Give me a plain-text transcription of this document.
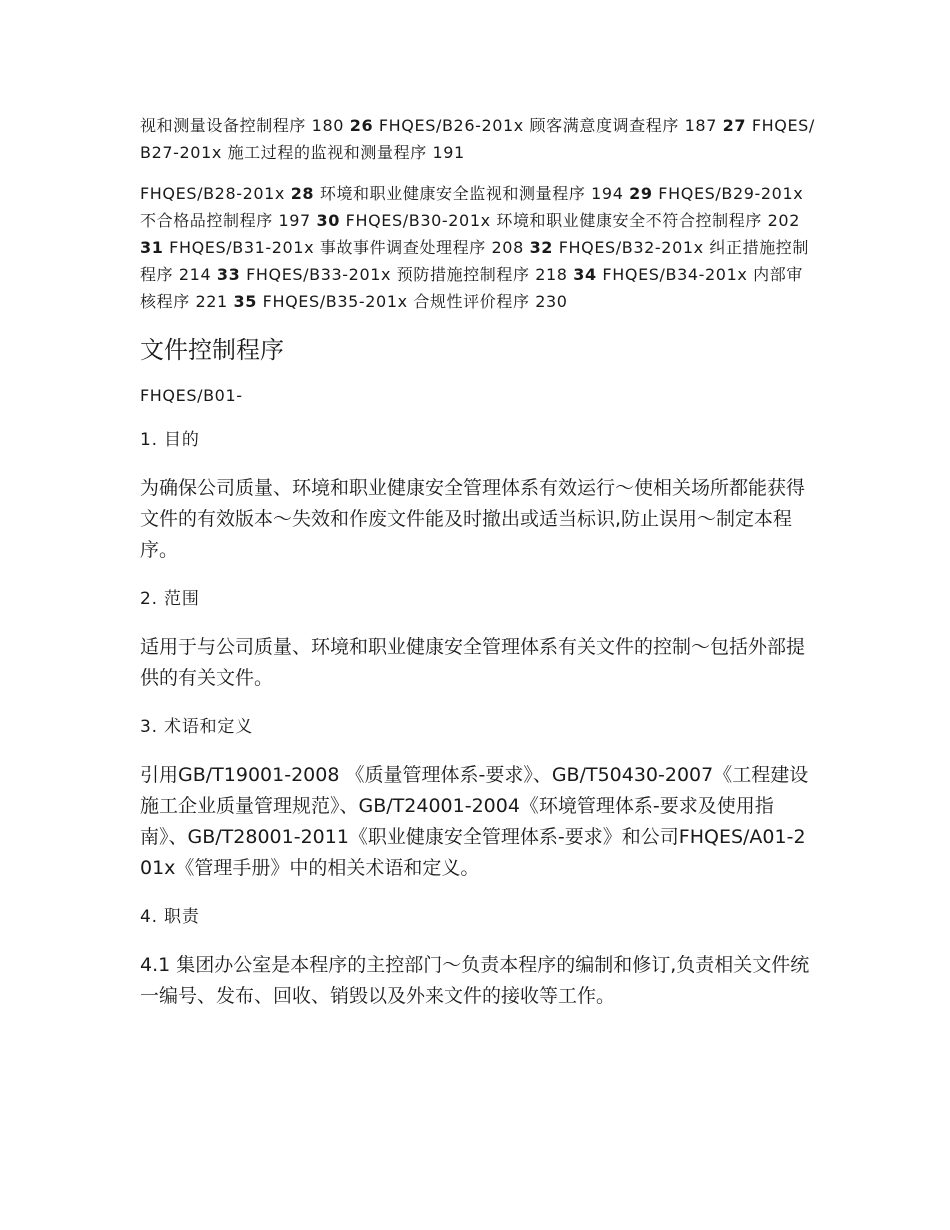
视和测量设备控制程序 180 26 FHQES/B26-201x 顾客满意度调查程序 187 27 FHQES/B27-201x 施工过程的监视和测量程序 191

FHQES/B28-201x 28 环境和职业健康安全监视和测量程序 194 29 FHQES/B29-201x 不合格品控制程序 197 30 FHQES/B30-201x 环境和职业健康安全不符合控制程序 202 31 FHQES/B31-201x 事故事件调查处理程序 208 32 FHQES/B32-201x 纠正措施控制程序 214 33 FHQES/B33-201x 预防措施控制程序 218 34 FHQES/B34-201x 内部审核程序 221 35 FHQES/B35-201x 合规性评价程序 230

文件控制程序

FHQES/B01-

1. 目的

为确保公司质量、环境和职业健康安全管理体系有效运行～使相关场所都能获得文件的有效版本～失效和作废文件能及时撤出或适当标识,防止误用～制定本程序。

2. 范围

适用于与公司质量、环境和职业健康安全管理体系有关文件的控制～包括外部提供的有关文件。

3. 术语和定义

引用GB/T19001-2008 《质量管理体系-要求》、GB/T50430-2007《工程建设施工企业质量管理规范》、GB/T24001-2004《环境管理体系-要求及使用指南》、GB/T28001-2011《职业健康安全管理体系-要求》和公司FHQES/A01-201x《管理手册》中的相关术语和定义。

4. 职责

4.1 集团办公室是本程序的主控部门～负责本程序的编制和修订,负责相关文件统一编号、发布、回收、销毁以及外来文件的接收等工作。
